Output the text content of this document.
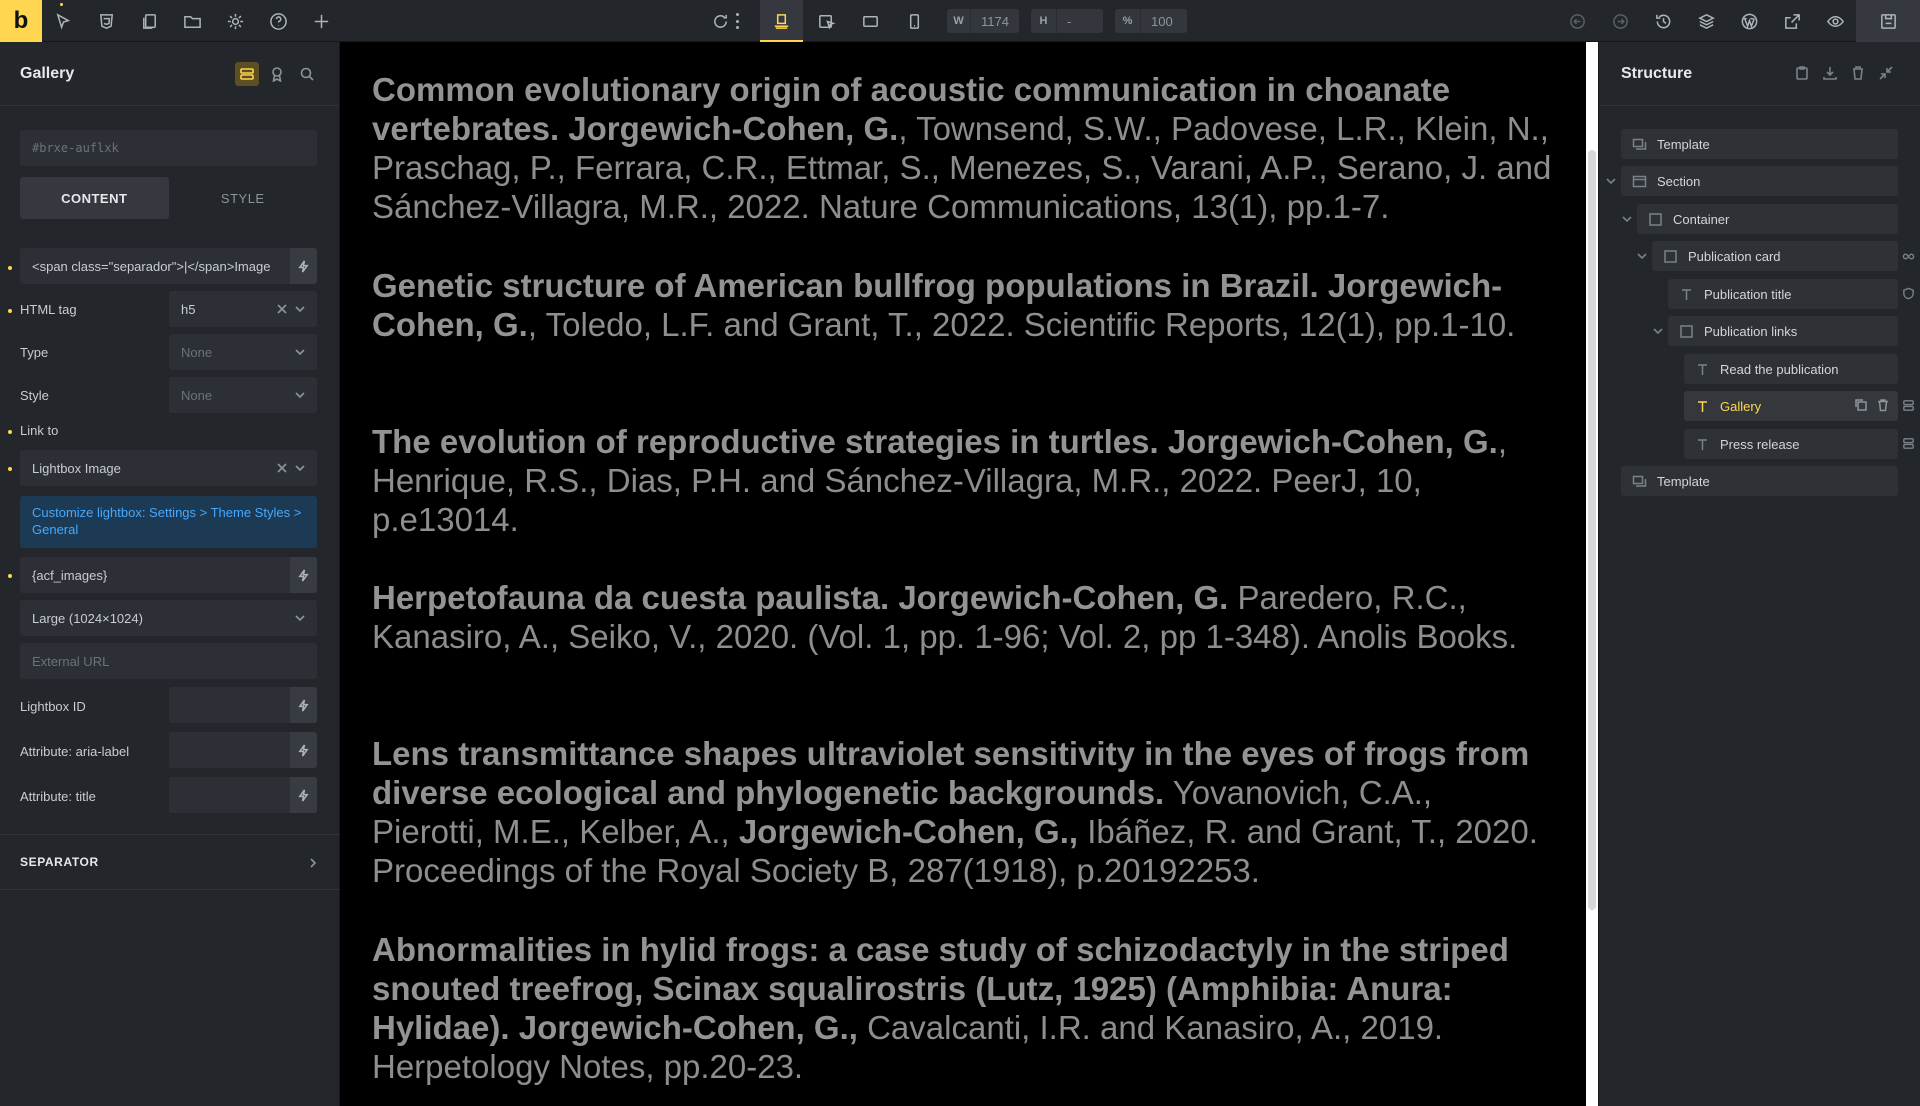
b	W	1174	H	-	%	100
Gallery
#brxe-auflxk
CONTENT	STYLE
<span class="separador">|</span>Image
HTML tag	h5
Type	None
Style	None
Link to
Lightbox Image
Customize lightbox: Settings > Theme Styles > General
{acf_images}
Large (1024×1024)
External URL
Lightbox ID
Attribute: aria-label
Attribute: title
SEPARATOR

Common evolutionary origin of acoustic communication in choanate vertebrates. Jorgewich-Cohen, G., Townsend, S.W., Padovese, L.R., Klein, N., Praschag, P., Ferrara, C.R., Ettmar, S., Menezes, S., Varani, A.P., Serano, J. and Sánchez-Villagra, M.R., 2022. Nature Communications, 13(1), pp.1-7.

Genetic structure of American bullfrog populations in Brazil. Jorgewich-Cohen, G., Toledo, L.F. and Grant, T., 2022. Scientific Reports, 12(1), pp.1-10.

The evolution of reproductive strategies in turtles. Jorgewich-Cohen, G., Henrique, R.S., Dias, P.H. and Sánchez-Villagra, M.R., 2022. PeerJ, 10, p.e13014.

Herpetofauna da cuesta paulista. Jorgewich-Cohen, G. Paredero, R.C., Kanasiro, A., Seiko, V., 2020. (Vol. 1, pp. 1-96; Vol. 2, pp 1-348). Anolis Books.

Lens transmittance shapes ultraviolet sensitivity in the eyes of frogs from diverse ecological and phylogenetic backgrounds. Yovanovich, C.A., Pierotti, M.E., Kelber, A., Jorgewich-Cohen, G., Ibáñez, R. and Grant, T., 2020. Proceedings of the Royal Society B, 287(1918), p.20192253.

Abnormalities in hylid frogs: a case study of schizodactyly in the striped snouted treefrog, Scinax squalirostris (Lutz, 1925) (Amphibia: Anura: Hylidae). Jorgewich-Cohen, G., Cavalcanti, I.R. and Kanasiro, A., 2019. Herpetology Notes, pp.20-23.

Structure
Template
Section
Container
Publication card
Publication title
Publication links
Read the publication
Gallery
Press release
Template
